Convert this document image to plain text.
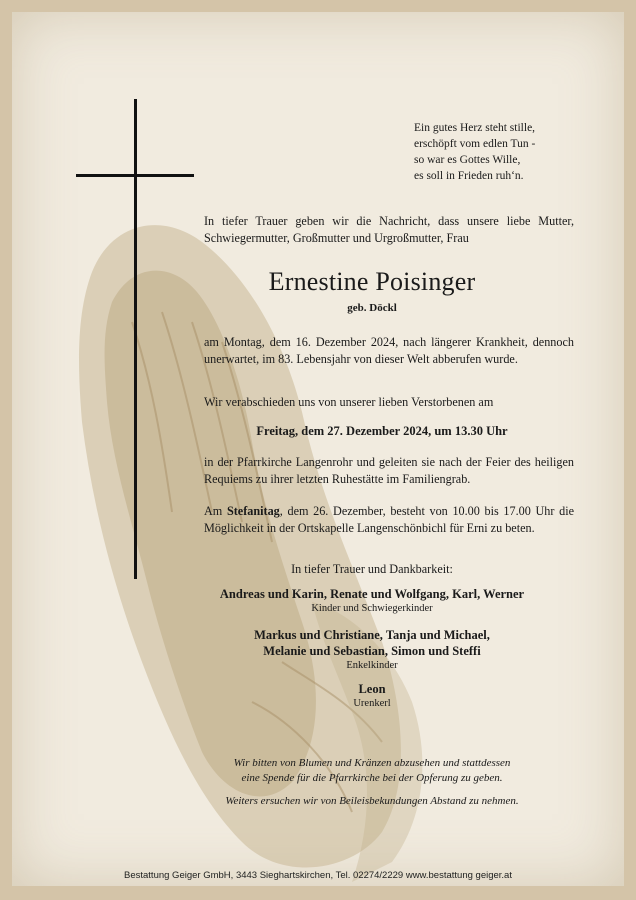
Ein gutes Herz steht stille,
erschöpft vom edlen Tun -
so war es Gottes Wille,
es soll in Frieden ruh‘n.
In tiefer Trauer geben wir die Nachricht, dass unsere liebe Mutter, Schwiegermutter, Großmutter und Urgroßmutter, Frau
Ernestine Poisinger
geb. Döckl
am Montag, dem 16. Dezember 2024, nach längerer Krankheit, dennoch unerwartet, im 83. Lebensjahr von dieser Welt abberufen wurde.
Wir verabschieden uns von unserer lieben Verstorbenen am
Freitag, dem 27. Dezember 2024, um 13.30 Uhr
in der Pfarrkirche Langenrohr und geleiten sie nach der Feier des heiligen Requiems zu ihrer letzten Ruhestätte im Familiengrab.
Am Stefanitag, dem 26. Dezember, besteht von 10.00 bis 17.00 Uhr die Möglichkeit in der Ortskapelle Langenschönbichl für Erni zu beten.
In tiefer Trauer und Dankbarkeit:
Andreas und Karin, Renate und Wolfgang, Karl, Werner
Kinder und Schwiegerkinder
Markus und Christiane, Tanja und Michael,
Melanie und Sebastian, Simon und Steffi
Enkelkinder
Leon
Urenkerl
Wir bitten von Blumen und Kränzen abzusehen und stattdessen
eine Spende für die Pfarrkirche bei der Opferung zu geben.
Weiters ersuchen wir von Beileisbekundungen Abstand zu nehmen.
Bestattung Geiger GmbH, 3443 Sieghartskirchen, Tel. 02274/2229 www.bestattung geiger.at
